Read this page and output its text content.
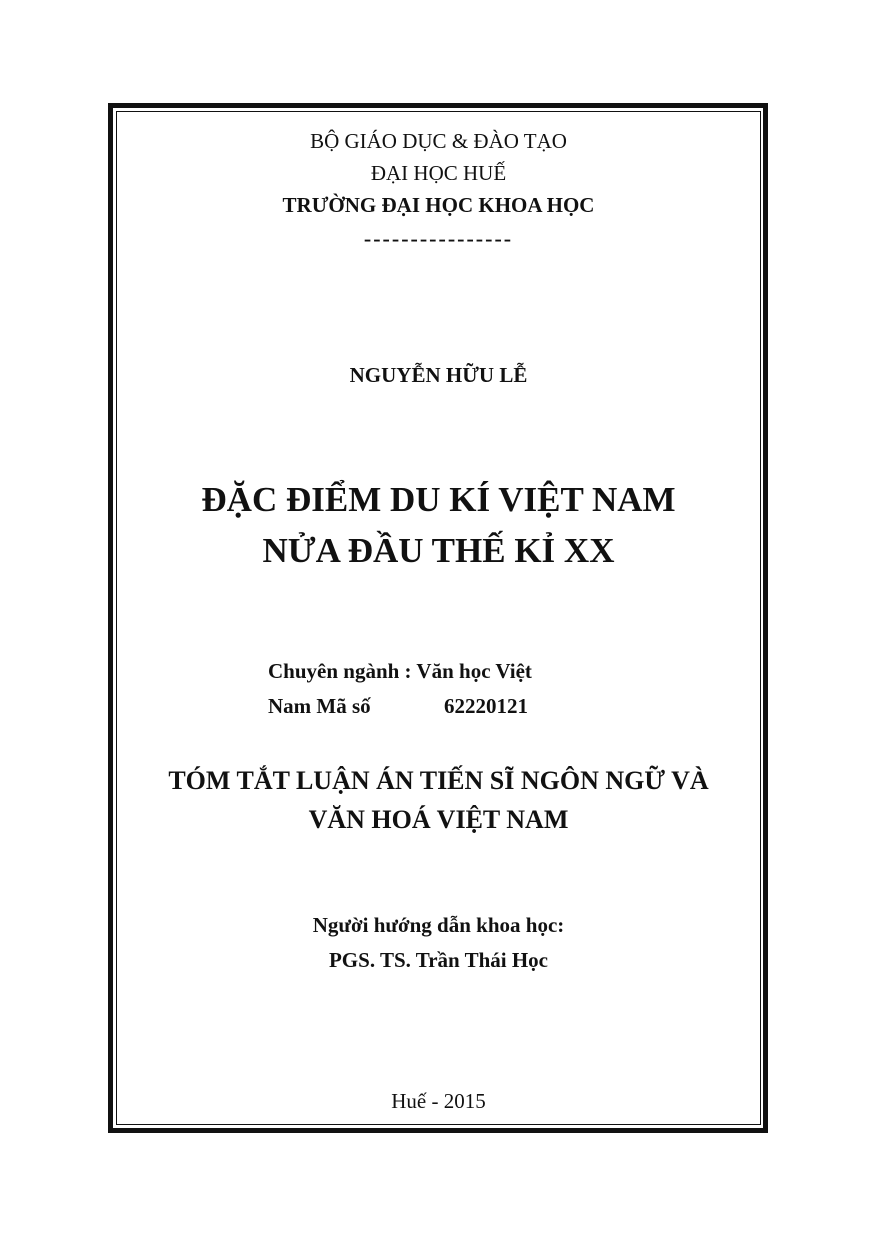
BỘ GIÁO DỤC & ĐÀO TẠO
ĐẠI HỌC HUẾ
TRƯỜNG ĐẠI HỌC KHOA HỌC
----------------
NGUYỄN HỮU LỄ
ĐẶC ĐIỂM DU KÍ VIỆT NAM
NỬA ĐẦU THẾ KỈ XX
Chuyên ngành : Văn học Việt
Nam Mã số	62220121
TÓM TẮT LUẬN ÁN TIẾN SĨ NGÔN NGỮ VÀ
VĂN HOÁ VIỆT NAM
Người hướng dẫn khoa học:
PGS. TS. Trần Thái Học
Huế - 2015
